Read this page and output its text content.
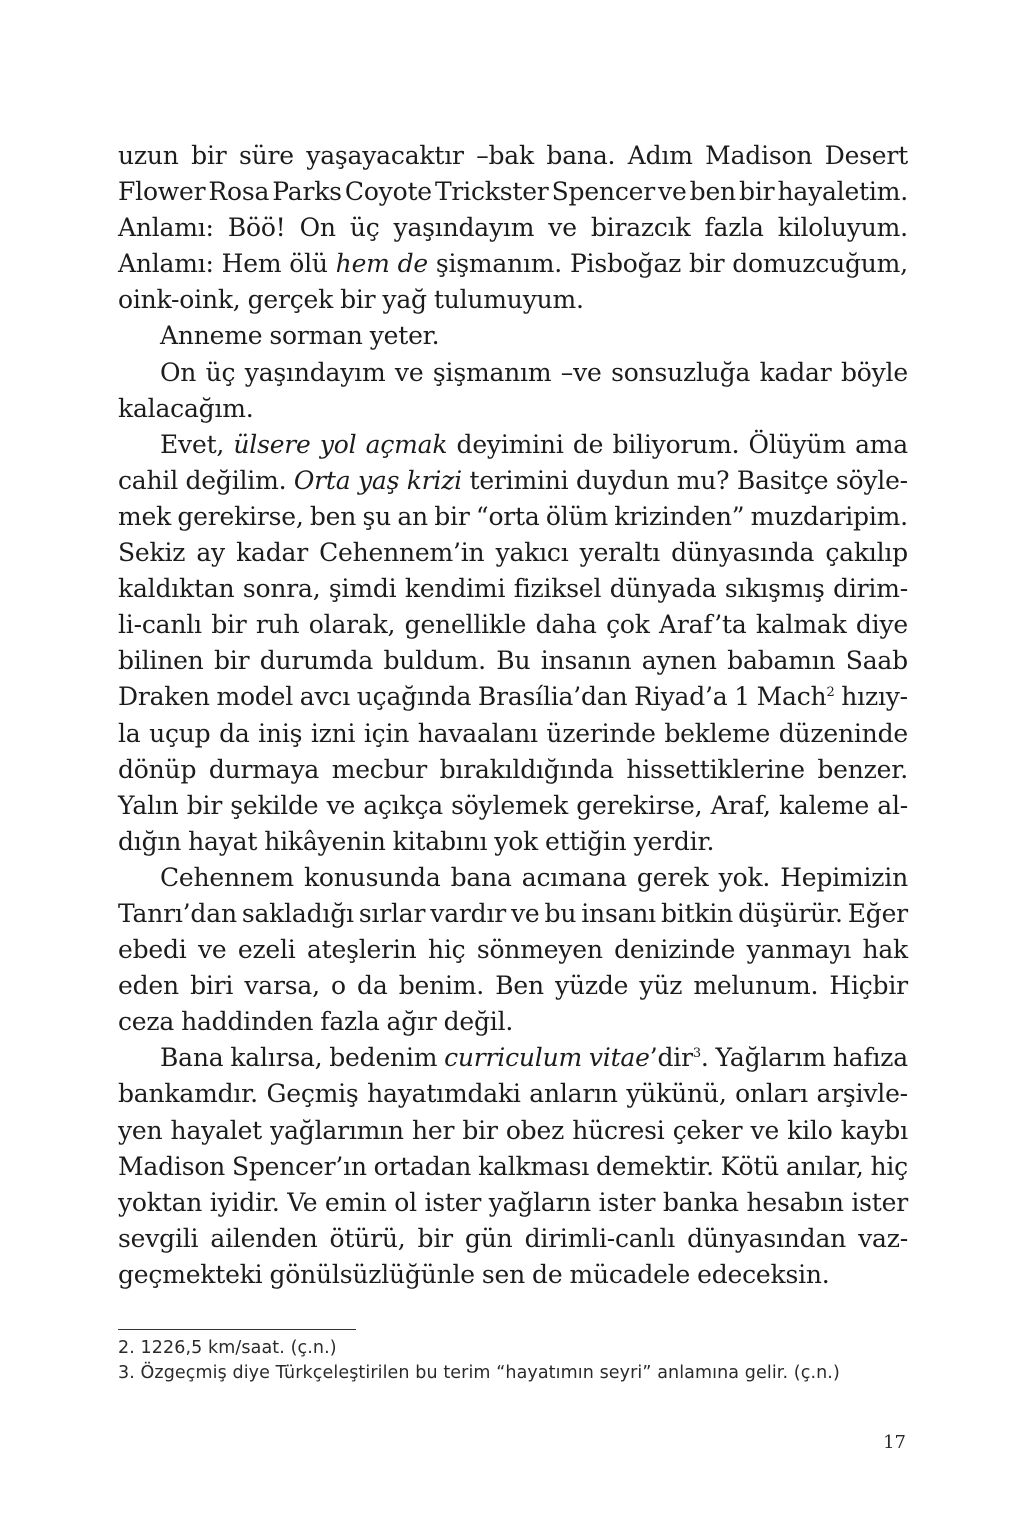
uzun bir süre yaşayacaktır –bak bana. Adım Madison Desert
Flower Rosa Parks Coyote Trickster Spencer ve ben bir hayaletim.
Anlamı: Böö! On üç yaşındayım ve birazcık fazla kiloluyum.
Anlamı: Hem ölü hem de şişmanım. Pisboğaz bir domuzcuğum,
oink-oink, gerçek bir yağ tulumuyum.
Anneme sorman yeter.
On üç yaşındayım ve şişmanım –ve sonsuzluğa kadar böyle
kalacağım.
Evet, ülsere yol açmak deyimini de biliyorum. Ölüyüm ama
cahil değilim. Orta yaş krizi terimini duydun mu? Basitçe söyle-
mek gerekirse, ben şu an bir “orta ölüm krizinden” muzdaripim.
Sekiz ay kadar Cehennem’in yakıcı yeraltı dünyasında çakılıp
kaldıktan sonra, şimdi kendimi fiziksel dünyada sıkışmış dirim-
li-canlı bir ruh olarak, genellikle daha çok Araf’ta kalmak diye
bilinen bir durumda buldum. Bu insanın aynen babamın Saab
Draken model avcı uçağında Brasília’dan Riyad’a 1 Mach$^2$ hızıy-
la uçup da iniş izni için havaalanı üzerinde bekleme düzeninde
dönüp durmaya mecbur bırakıldığında hissettiklerine benzer.
Yalın bir şekilde ve açıkça söylemek gerekirse, Araf, kaleme al-
dığın hayat hikâyenin kitabını yok ettiğin yerdir.
Cehennem konusunda bana acımana gerek yok. Hepimizin
Tanrı’dan sakladığı sırlar vardır ve bu insanı bitkin düşürür. Eğer
ebedi ve ezeli ateşlerin hiç sönmeyen denizinde yanmayı hak
eden biri varsa, o da benim. Ben yüzde yüz melunum. Hiçbir
ceza haddinden fazla ağır değil.
Bana kalırsa, bedenim curriculum vitae’dir$^3$. Yağlarım hafıza
bankamdır. Geçmiş hayatımdaki anların yükünü, onları arşivle-
yen hayalet yağlarımın her bir obez hücresi çeker ve kilo kaybı
Madison Spencer’ın ortadan kalkması demektir. Kötü anılar, hiç
yoktan iyidir. Ve emin ol ister yağların ister banka hesabın ister
sevgili ailenden ötürü, bir gün dirimli-canlı dünyasından vaz-
geçmekteki gönülsüzlüğünle sen de mücadele edeceksin.
2. 1226,5 km/saat. (ç.n.)
3. Özgeçmiş diye Türkçeleştirilen bu terim “hayatımın seyri” anlamına gelir. (ç.n.)
17
